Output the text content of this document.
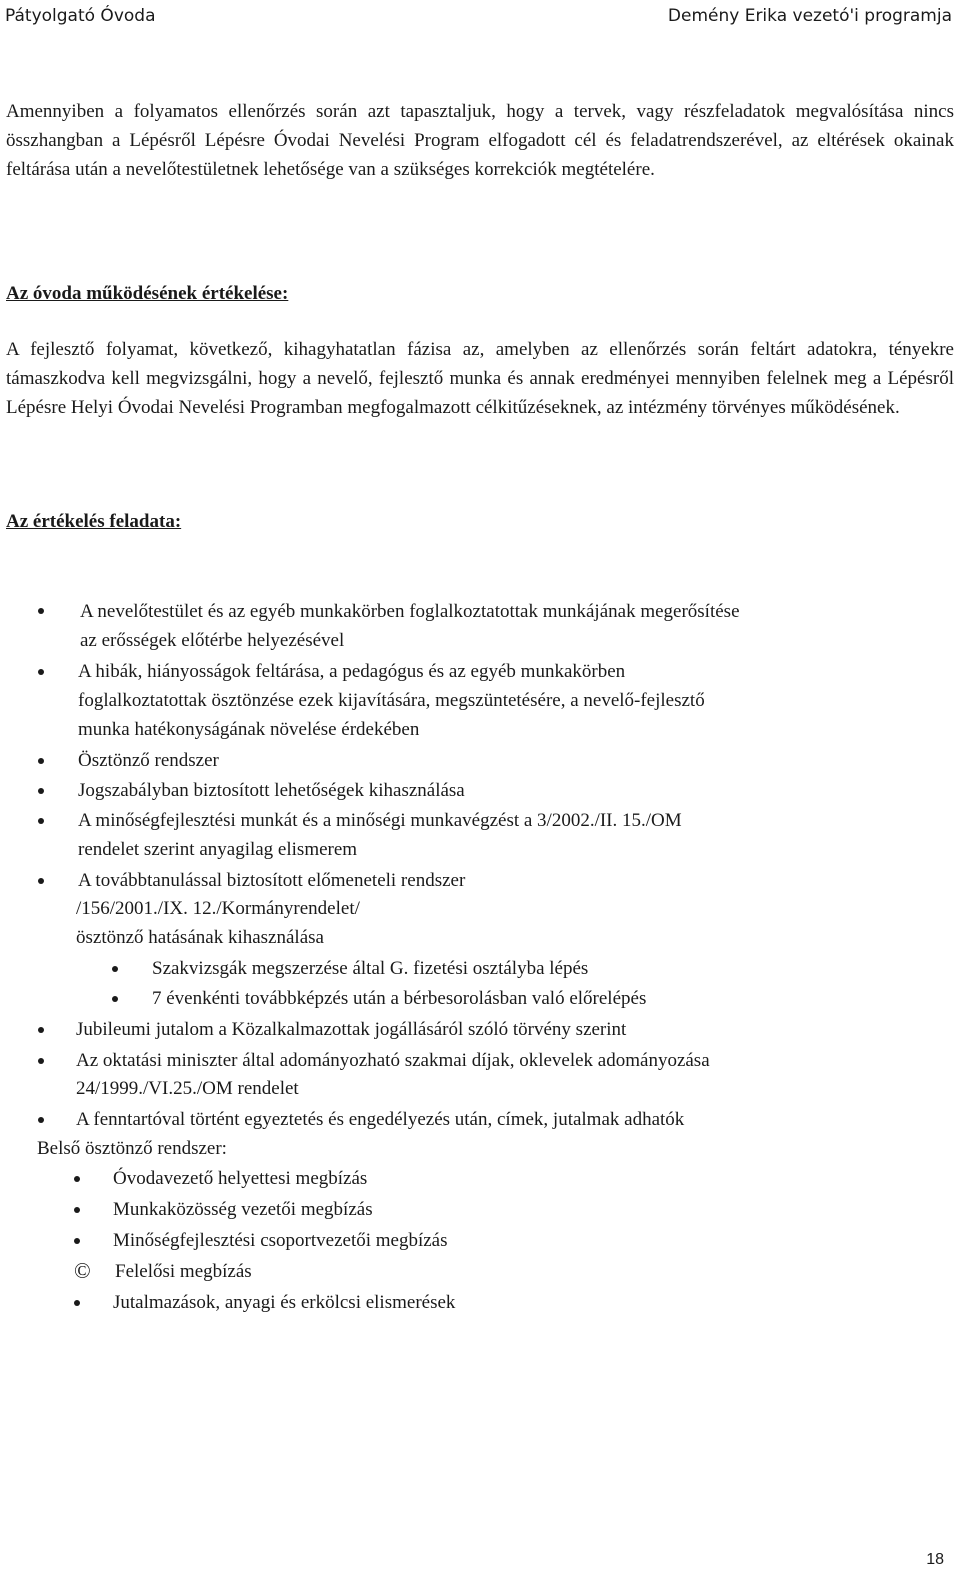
Pátyolgató Óvoda	Demény Erika vezetó'i programja
Amennyiben a folyamatos ellenőrzés során azt tapasztaljuk, hogy a tervek, vagy részfeladatok megvalósítása nincs összhangban a Lépésről Lépésre Óvodai Nevelési Program elfogadott cél és feladatrendszerével, az eltérések okainak feltárása után a nevelőtestületnek lehetősége van a szükséges korrekciók megtételére.
Az óvoda működésének értékelése:
A fejlesztő folyamat, következő, kihagyhatatlan fázisa az, amelyben az ellenőrzés során feltárt adatokra, tényekre támaszkodva kell megvizsgálni, hogy a nevelő, fejlesztő munka és annak eredményei mennyiben felelnek meg a Lépésről Lépésre Helyi Óvodai Nevelési Programban megfogalmazott célkitűzéseknek, az intézmény törvényes működésének.
Az értékelés feladata:
A nevelőtestület és az egyéb munkakörben foglalkoztatottak munkájának megerősítése
az erősségek előtérbe helyezésével
A hibák, hiányosságok feltárása, a pedagógus és az egyéb munkakörben
foglalkoztatottak ösztönzése ezek kijavítására, megszüntetésére, a nevelő-fejlesztő
munka hatékonyságának növelése érdekében
Ösztönző rendszer
Jogszabályban biztosított lehetőségek kihasználása
A minőségfejlesztési munkát és a minőségi munkavégzést a 3/2002./II. 15./OM
rendelet szerint anyagilag elismerem
A továbbtanulással biztosított előmeneteli rendszer
/156/2001./IX. 12./Kormányrendelet/
ösztönző hatásának kihasználása
Szakvizsgák megszerzése által G. fizetési osztályba lépés
7 évenkénti továbbképzés után a bérbesorolásban való előrelépés
Jubileumi jutalom a Közalkalmazottak jogállásáról szóló törvény szerint
Az oktatási miniszter által adományozható szakmai díjak, oklevelek adományozása
24/1999./VI.25./OM rendelet
A fenntartóval történt egyeztetés és engedélyezés után, címek, jutalmak adhatók
Belső ösztönző rendszer:
Óvodavezető helyettesi megbízás
Munkaközösség vezetői megbízás
Minőségfejlesztési csoportvezetői megbízás
© Felelősi megbízás
Jutalmazások, anyagi és erkölcsi elismerések
18
